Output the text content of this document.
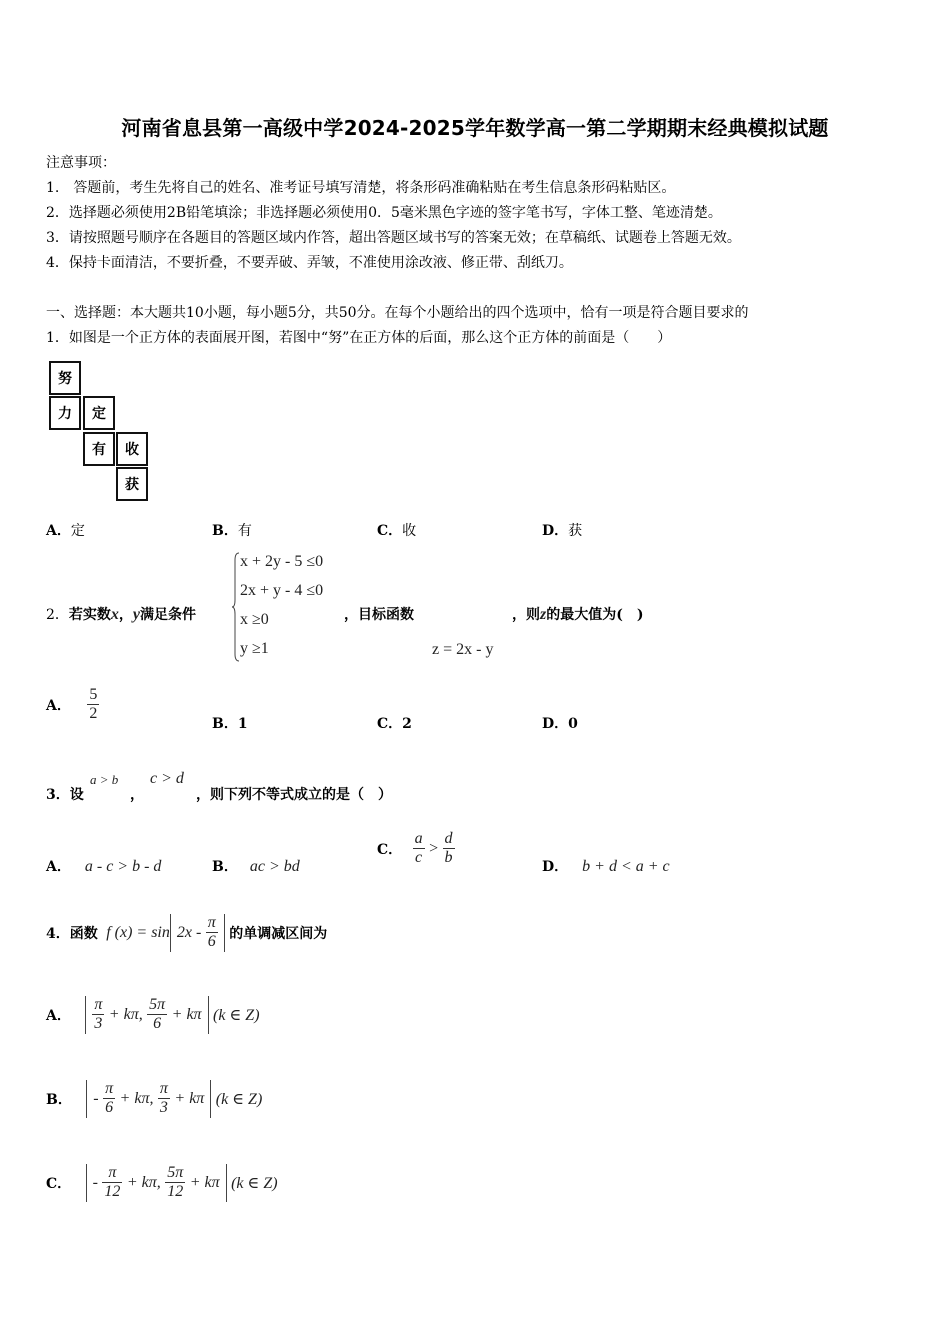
河南省息县第一高级中学2024-2025学年数学高一第二学期期末经典模拟试题
注意事项：
1.　答题前，考生先将自己的姓名、准考证号填写清楚，将条形码准确粘贴在考生信息条形码粘贴区。
2．选择题必须使用2B铅笔填涂；非选择题必须使用0．5毫米黑色字迹的签字笔书写，字体工整、笔迹清楚。
3．请按照题号顺序在各题目的答题区域内作答，超出答题区域书写的答案无效；在草稿纸、试题卷上答题无效。
4．保持卡面清洁，不要折叠，不要弄破、弄皱，不准使用涂改液、修正带、刮纸刀。
一、选择题：本大题共10小题，每小题5分，共50分。在每个小题给出的四个选项中，恰有一项是符合题目要求的
1．如图是一个正方体的表面展开图，若图中“努”在正方体的后面，那么这个正方体的前面是（　　）
努
力	定
有	收
获
A．定	B．有	C．收	D．获
2．若实数x，y满足条件
x + 2y - 5 ≤0
2x + y - 4 ≤0
x ≥0
y ≥1
，目标函数
z = 2x - y
，则z的最大值为(　)
A． $\frac{5}{2}$
B．1	C．2	D．0
3．设
a > b
，
c > d
，则下列不等式成立的是（　）
A． a - c > b - d	B． ac > bd
C． $\frac{a}{c} > \frac{d}{b}$	D． b + d < a + c
4．函数 f $(x) = \sin 2x - \frac{\pi}{6}$ 的单调减区间为
A． $\frac{\pi}{3} + k\pi$, $\frac{5\pi}{6} + k\pi$ (k ∈ Z)
B． - $\frac{\pi}{6} + k\pi$, $\frac{\pi}{3} + k\pi$ (k ∈ Z)
C． - $\frac{\pi}{12} + k\pi$, $\frac{5\pi}{12} + k\pi$ (k ∈ Z)
